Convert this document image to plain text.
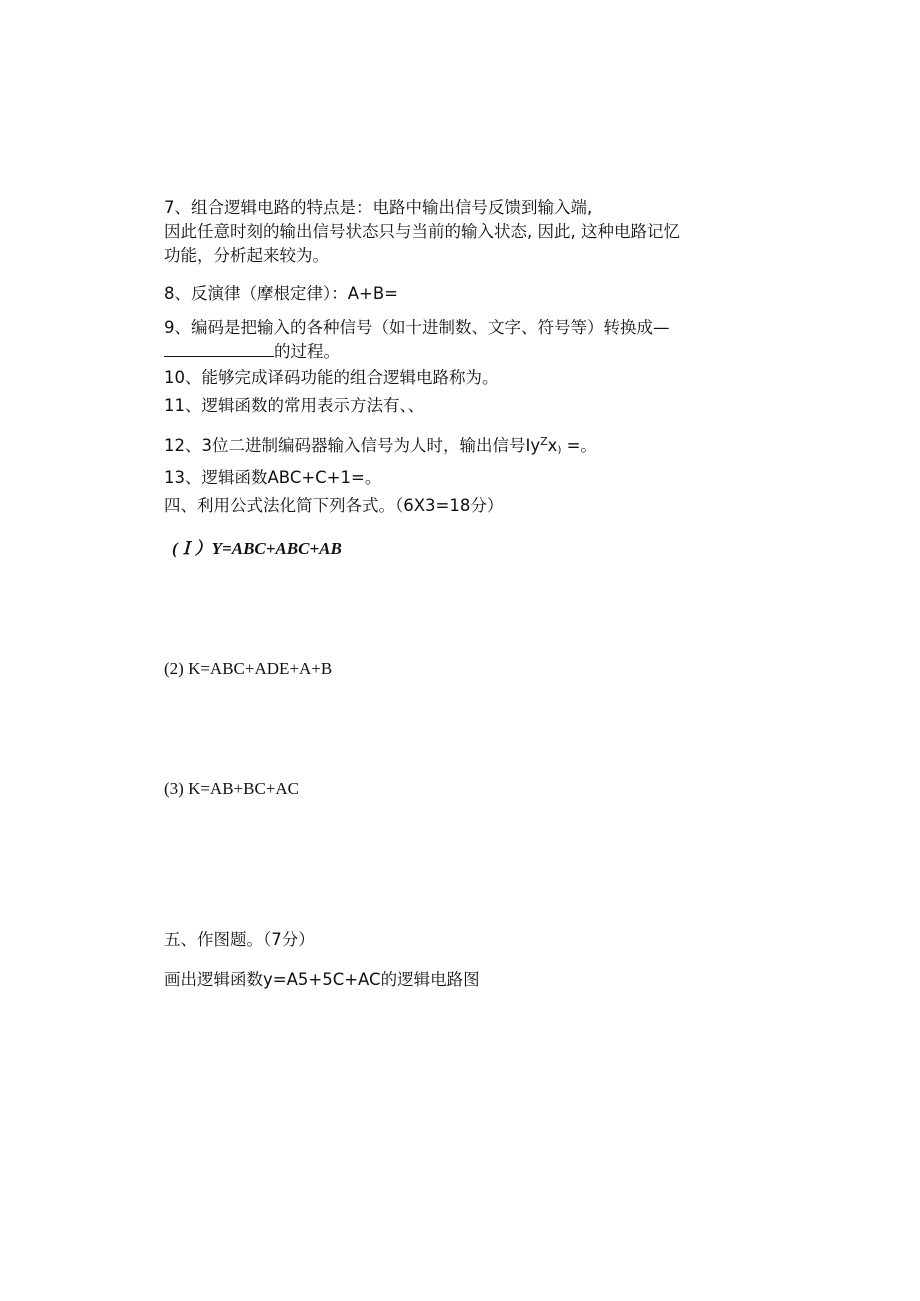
7、组合逻辑电路的特点是：电路中输出信号反馈到输入端,
因此任意时刻的输出信号状态只与当前的输入状态, 因此, 这种电路记忆
功能，分析起来较为。
8、反演律（摩根定律）：A+B=
9、编码是把输入的各种信号（如十进制数、文字、符号等）转换成—
的过程。
10、能够完成译码功能的组合逻辑电路称为。
11、逻辑函数的常用表示方法有、、
12、3位二进制编码器输入信号为人时，输出信号$Iy^Zx_)$ =。
13、逻辑函数ABC+C+1=。
四、利用公式法化简下列各式。（6X3=18分）
(Ｉ）Y=ABC+ABC+AB
(2) K=ABC+ADE+A+B
(3) K=AB+BC+AC
五、作图题。（7分）
画出逻辑函数y=A5+5C+AC的逻辑电路图
